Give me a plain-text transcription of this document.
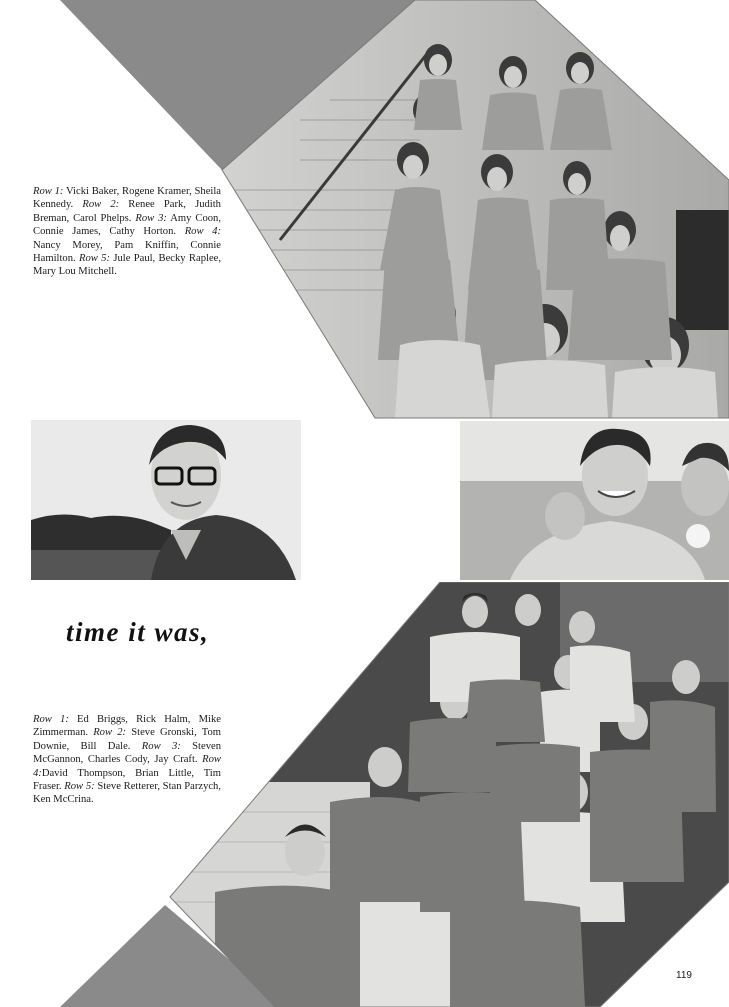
Row 1: Vicki Baker, Rogene Kramer, Sheila Kennedy. Row 2: Renee Park, Judith Breman, Carol Phelps. Row 3: Amy Coon, Connie James, Cathy Horton. Row 4: Nancy Morey, Pam Kniffin, Connie Hamilton. Row 5: Jule Paul, Becky Raplee, Mary Lou Mitchell.

time it was,

Row 1: Ed Briggs, Rick Halm, Mike Zimmerman. Row 2: Steve Gronski, Tom Downie, Bill Dale. Row 3: Steven McGannon, Charles Cody, Jay Craft. Row 4:David Thompson, Brian Little, Tim Fraser. Row 5: Steve Retterer, Stan Parzych, Ken McCrina.

119
